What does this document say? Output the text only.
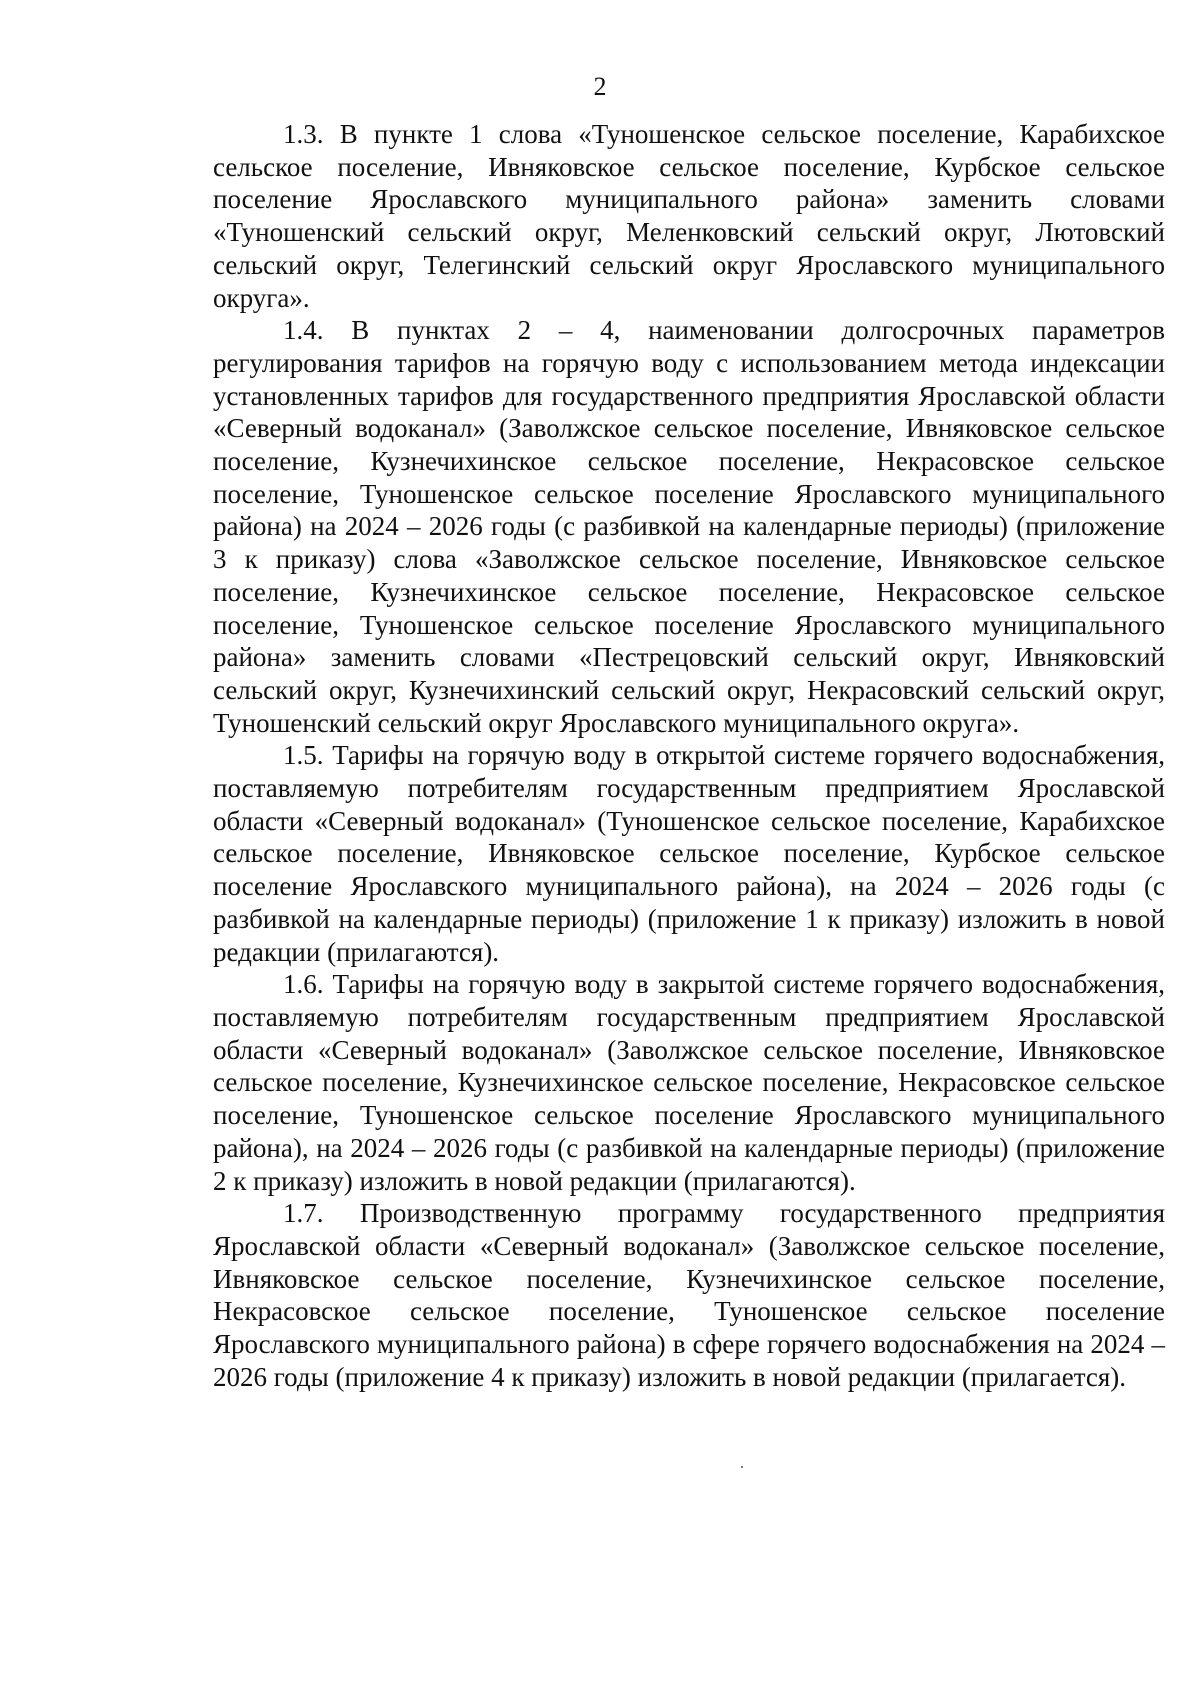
2

1.3. В пункте 1 слова «Туношенское сельское поселение, Карабихское сельское поселение, Ивняковское сельское поселение, Курбское сельское поселение Ярославского муниципального района» заменить словами «Туношенский сельский округ, Меленковский сельский округ, Лютовский сельский округ, Телегинский сельский округ Ярославского муниципального округа».

1.4. В пунктах 2 – 4, наименовании долгосрочных параметров регулирования тарифов на горячую воду с использованием метода индексации установленных тарифов для государственного предприятия Ярославской области «Северный водоканал» (Заволжское сельское поселение, Ивняковское сельское поселение, Кузнечихинское сельское поселение, Некрасовское сельское поселение, Туношенское сельское поселение Ярославского муниципального района) на 2024 – 2026 годы (с разбивкой на календарные периоды) (приложение 3 к приказу) слова «Заволжское сельское поселение, Ивняковское сельское поселение, Кузнечихинское сельское поселение, Некрасовское сельское поселение, Туношенское сельское поселение Ярославского муниципального района» заменить словами «Пестрецовский сельский округ, Ивняковский сельский округ, Кузнечихинский сельский округ, Некрасовский сельский округ, Туношенский сельский округ Ярославского муниципального округа».

1.5. Тарифы на горячую воду в открытой системе горячего водоснабжения, поставляемую потребителям государственным предприятием Ярославской области «Северный водоканал» (Туношенское сельское поселение, Карабихское сельское поселение, Ивняковское сельское поселение, Курбское сельское поселение Ярославского муниципального района), на 2024 – 2026 годы (с разбивкой на календарные периоды) (приложение 1 к приказу) изложить в новой редакции (прилагаются).

1.6. Тарифы на горячую воду в закрытой системе горячего водоснабжения, поставляемую потребителям государственным предприятием Ярославской области «Северный водоканал» (Заволжское сельское поселение, Ивняковское сельское поселение, Кузнечихинское сельское поселение, Некрасовское сельское поселение, Туношенское сельское поселение Ярославского муниципального района), на 2024 – 2026 годы (с разбивкой на календарные периоды) (приложение 2 к приказу) изложить в новой редакции (прилагаются).

1.7. Производственную программу государственного предприятия Ярославской области «Северный водоканал» (Заволжское сельское поселение, Ивняковское сельское поселение, Кузнечихинское сельское поселение, Некрасовское сельское поселение, Туношенское сельское поселение Ярославского муниципального района) в сфере горячего водоснабжения на 2024 – 2026 годы (приложение 4 к приказу) изложить в новой редакции (прилагается).
